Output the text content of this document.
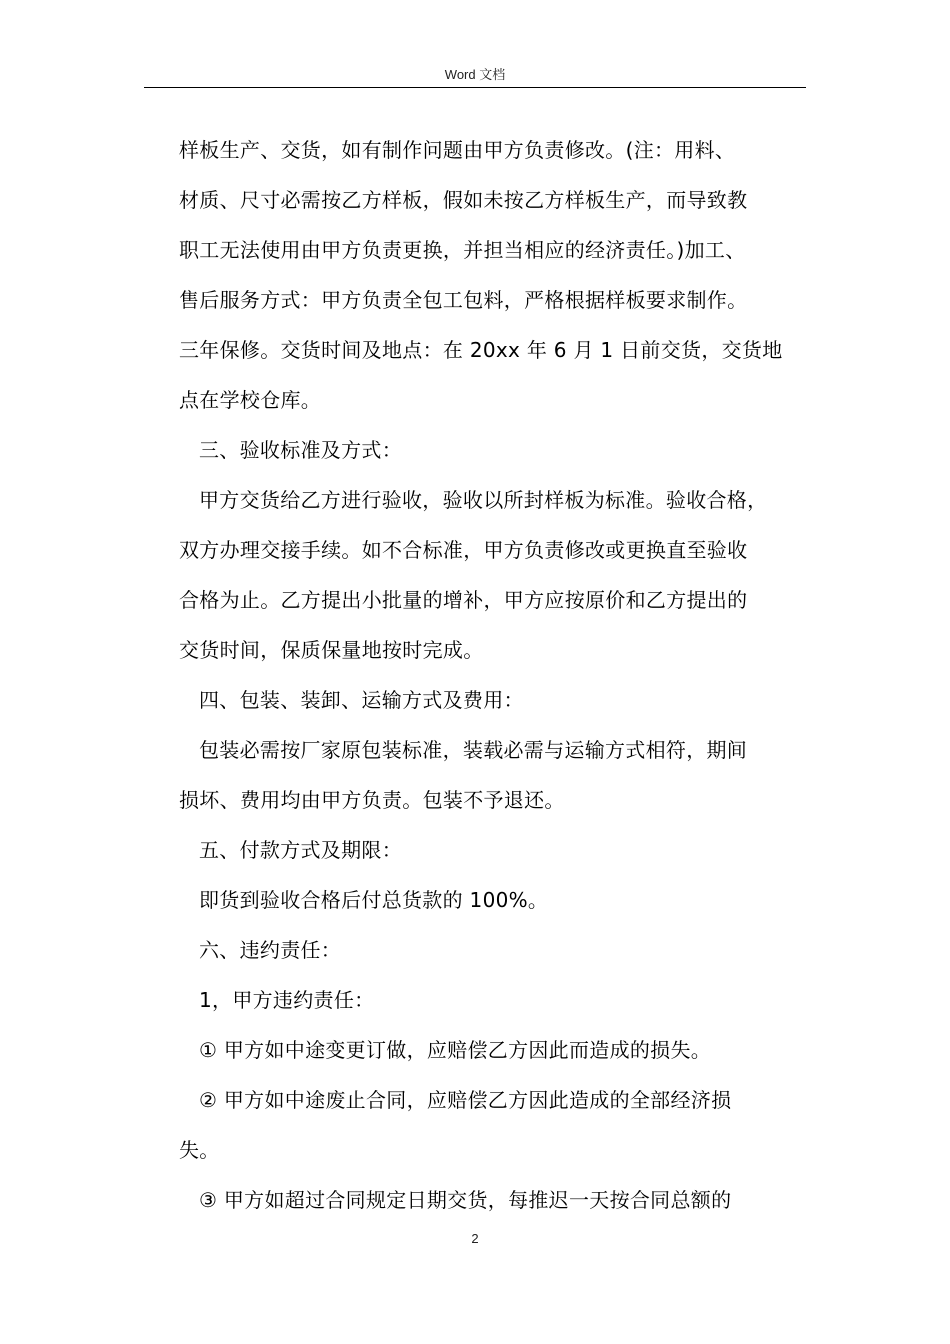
Word 文档
样板生产、交货，如有制作问题由甲方负责修改。(注：用料、
材质、尺寸必需按乙方样板，假如未按乙方样板生产，而导致教
职工无法使用由甲方负责更换，并担当相应的经济责任。)加工、
售后服务方式：甲方负责全包工包料，严格根据样板要求制作。
三年保修。交货时间及地点：在 20xx 年 6 月 1 日前交货，交货地
点在学校仓库。
三、验收标准及方式：
甲方交货给乙方进行验收，验收以所封样板为标准。验收合格，
双方办理交接手续。如不合标准，甲方负责修改或更换直至验收
合格为止。乙方提出小批量的增补，甲方应按原价和乙方提出的
交货时间，保质保量地按时完成。
四、包装、装卸、运输方式及费用：
包装必需按厂家原包装标准，装载必需与运输方式相符，期间
损坏、费用均由甲方负责。包装不予退还。
五、付款方式及期限：
即货到验收合格后付总货款的 100%。
六、违约责任：
1，甲方违约责任：
① 甲方如中途变更订做，应赔偿乙方因此而造成的损失。
② 甲方如中途废止合同，应赔偿乙方因此造成的全部经济损
失。
③ 甲方如超过合同规定日期交货，每推迟一天按合同总额的
2
